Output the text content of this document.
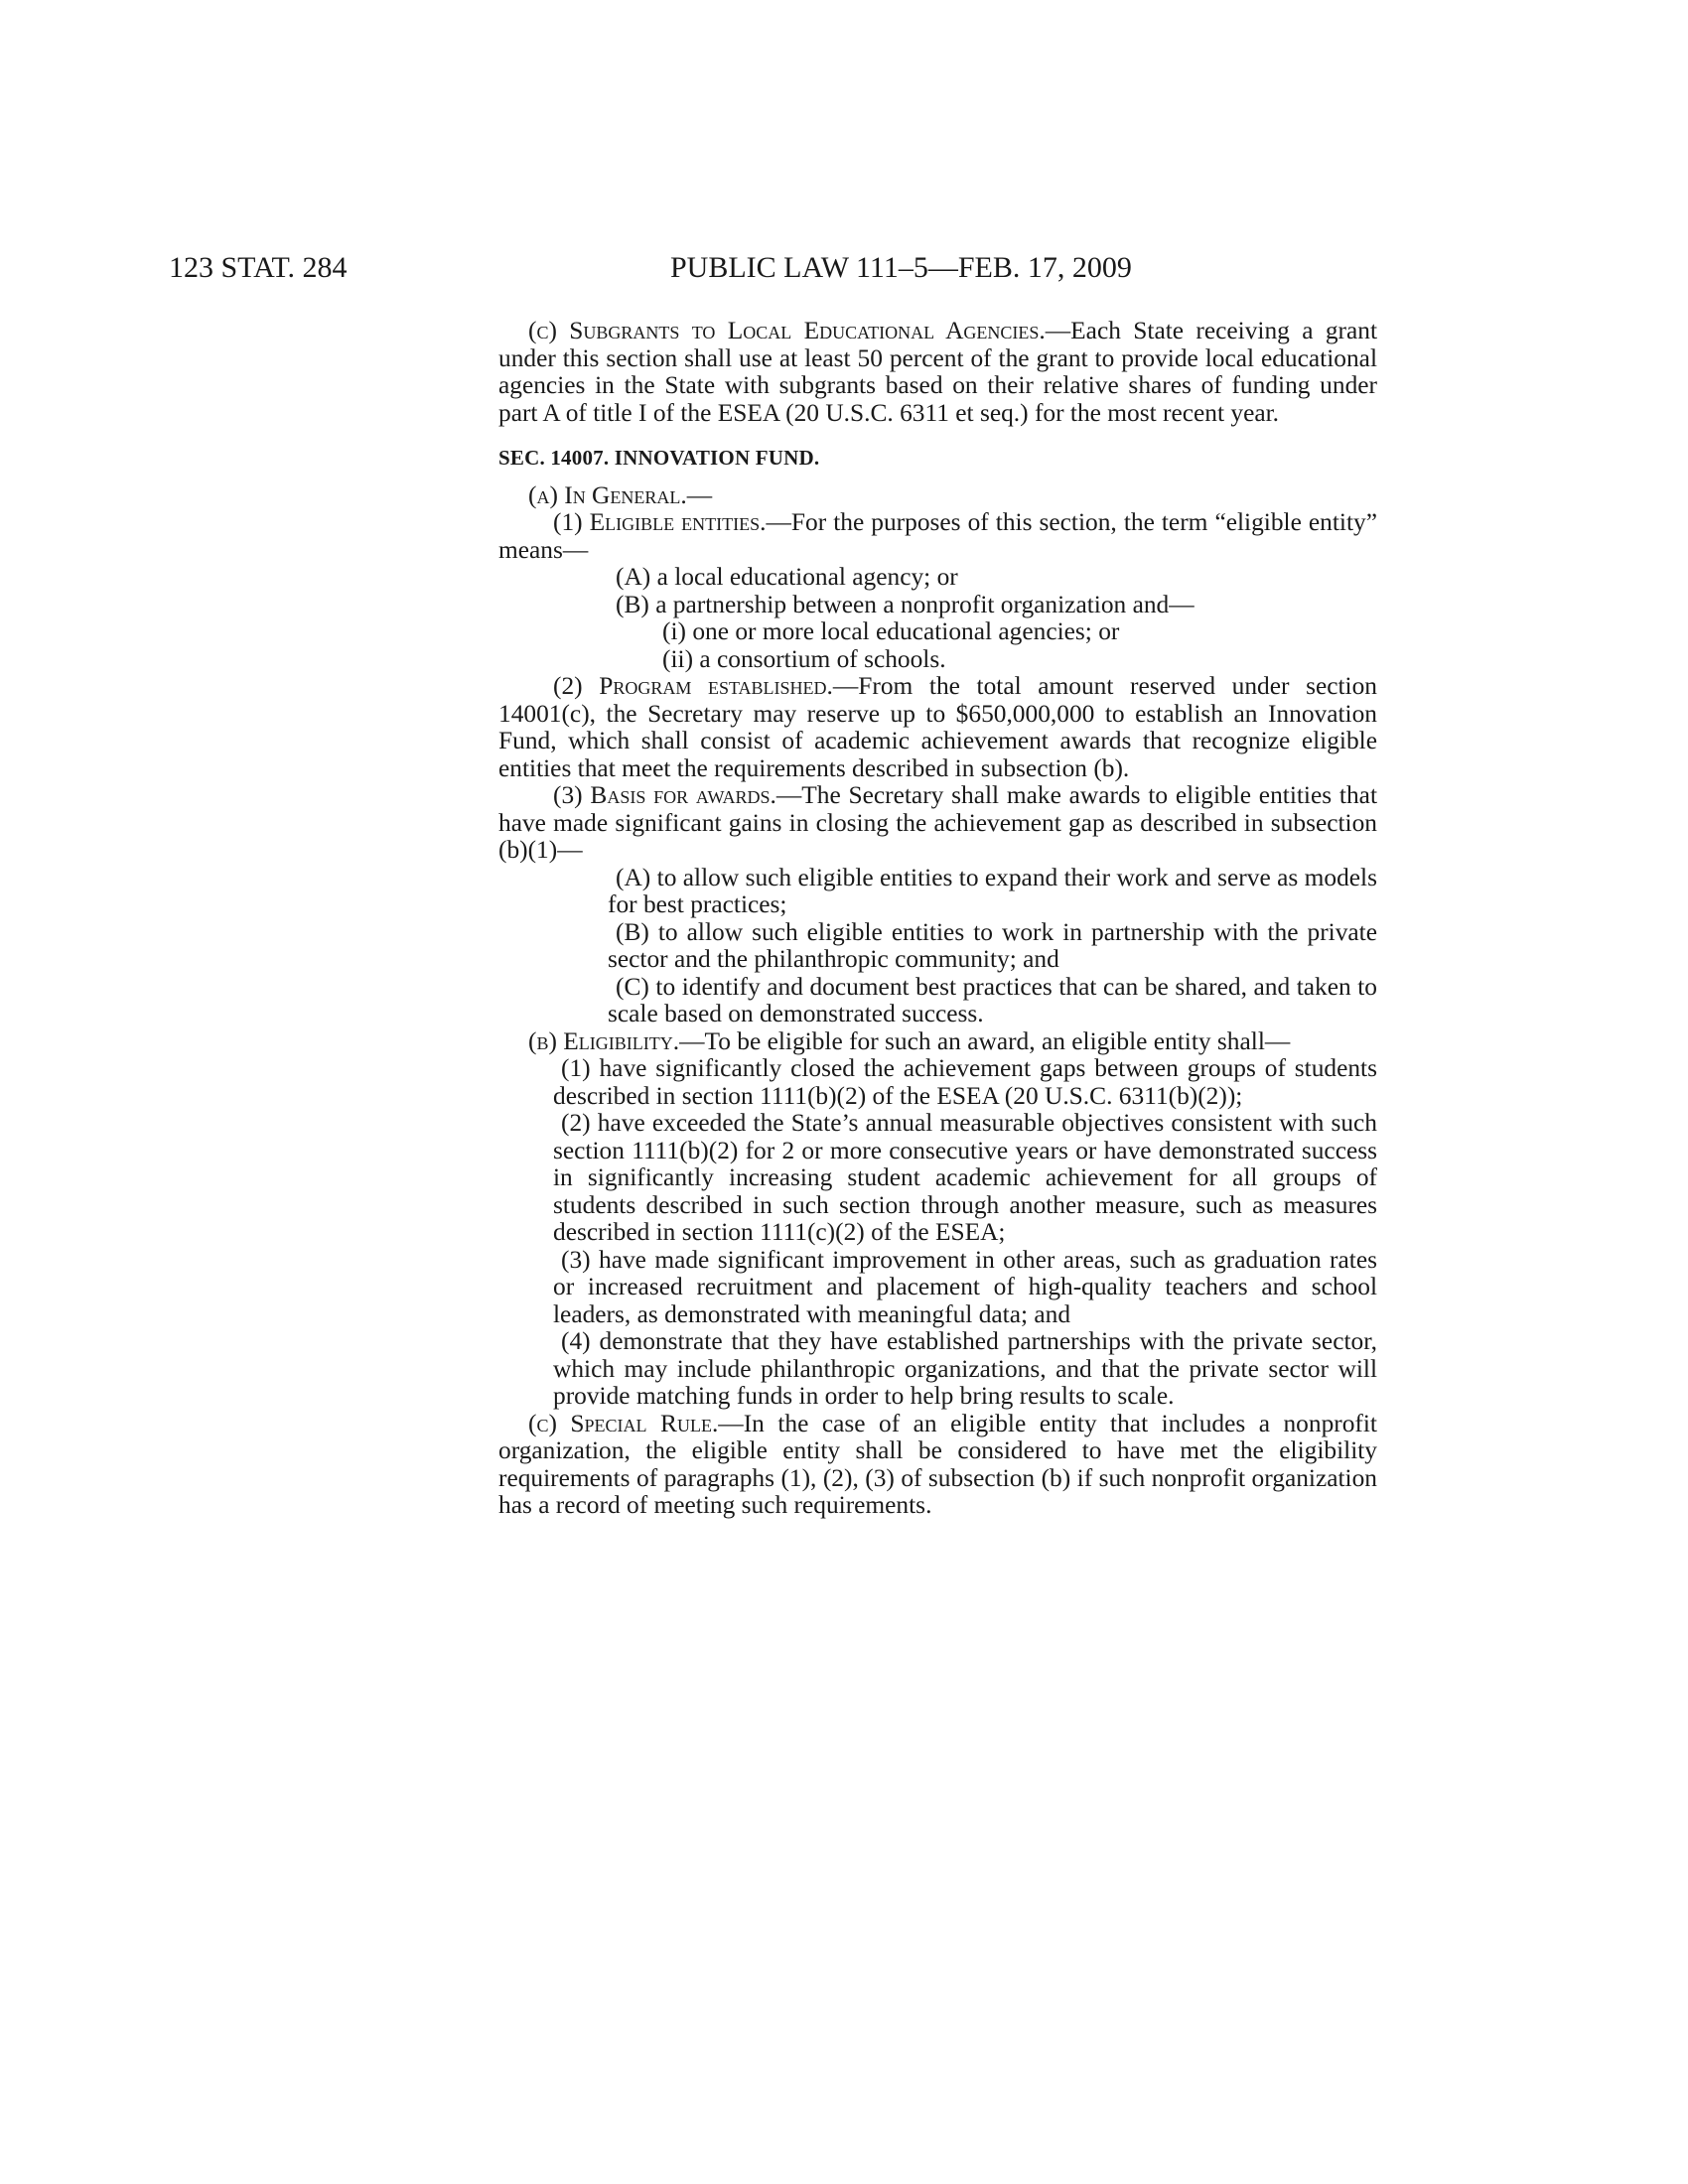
123 STAT. 284	PUBLIC LAW 111–5—FEB. 17, 2009

(c) Subgrants to Local Educational Agencies.—Each State receiving a grant under this section shall use at least 50 percent of the grant to provide local educational agencies in the State with subgrants based on their relative shares of funding under part A of title I of the ESEA (20 U.S.C. 6311 et seq.) for the most recent year.

SEC. 14007. INNOVATION FUND.

(a) In General.—

(1) Eligible entities.—For the purposes of this section, the term “eligible entity” means—

(A) a local educational agency; or

(B) a partnership between a nonprofit organization and—

(i) one or more local educational agencies; or

(ii) a consortium of schools.

(2) Program established.—From the total amount reserved under section 14001(c), the Secretary may reserve up to $650,000,000 to establish an Innovation Fund, which shall consist of academic achievement awards that recognize eligible entities that meet the requirements described in subsection (b).

(3) Basis for awards.—The Secretary shall make awards to eligible entities that have made significant gains in closing the achievement gap as described in subsection (b)(1)—

(A) to allow such eligible entities to expand their work and serve as models for best practices;

(B) to allow such eligible entities to work in partnership with the private sector and the philanthropic community; and

(C) to identify and document best practices that can be shared, and taken to scale based on demonstrated success.

(b) Eligibility.—To be eligible for such an award, an eligible entity shall—

(1) have significantly closed the achievement gaps between groups of students described in section 1111(b)(2) of the ESEA (20 U.S.C. 6311(b)(2));

(2) have exceeded the State’s annual measurable objectives consistent with such section 1111(b)(2) for 2 or more consecutive years or have demonstrated success in significantly increasing student academic achievement for all groups of students described in such section through another measure, such as measures described in section 1111(c)(2) of the ESEA;

(3) have made significant improvement in other areas, such as graduation rates or increased recruitment and placement of high-quality teachers and school leaders, as demonstrated with meaningful data; and

(4) demonstrate that they have established partnerships with the private sector, which may include philanthropic organizations, and that the private sector will provide matching funds in order to help bring results to scale.

(c) Special Rule.—In the case of an eligible entity that includes a nonprofit organization, the eligible entity shall be considered to have met the eligibility requirements of paragraphs (1), (2), (3) of subsection (b) if such nonprofit organization has a record of meeting such requirements.
